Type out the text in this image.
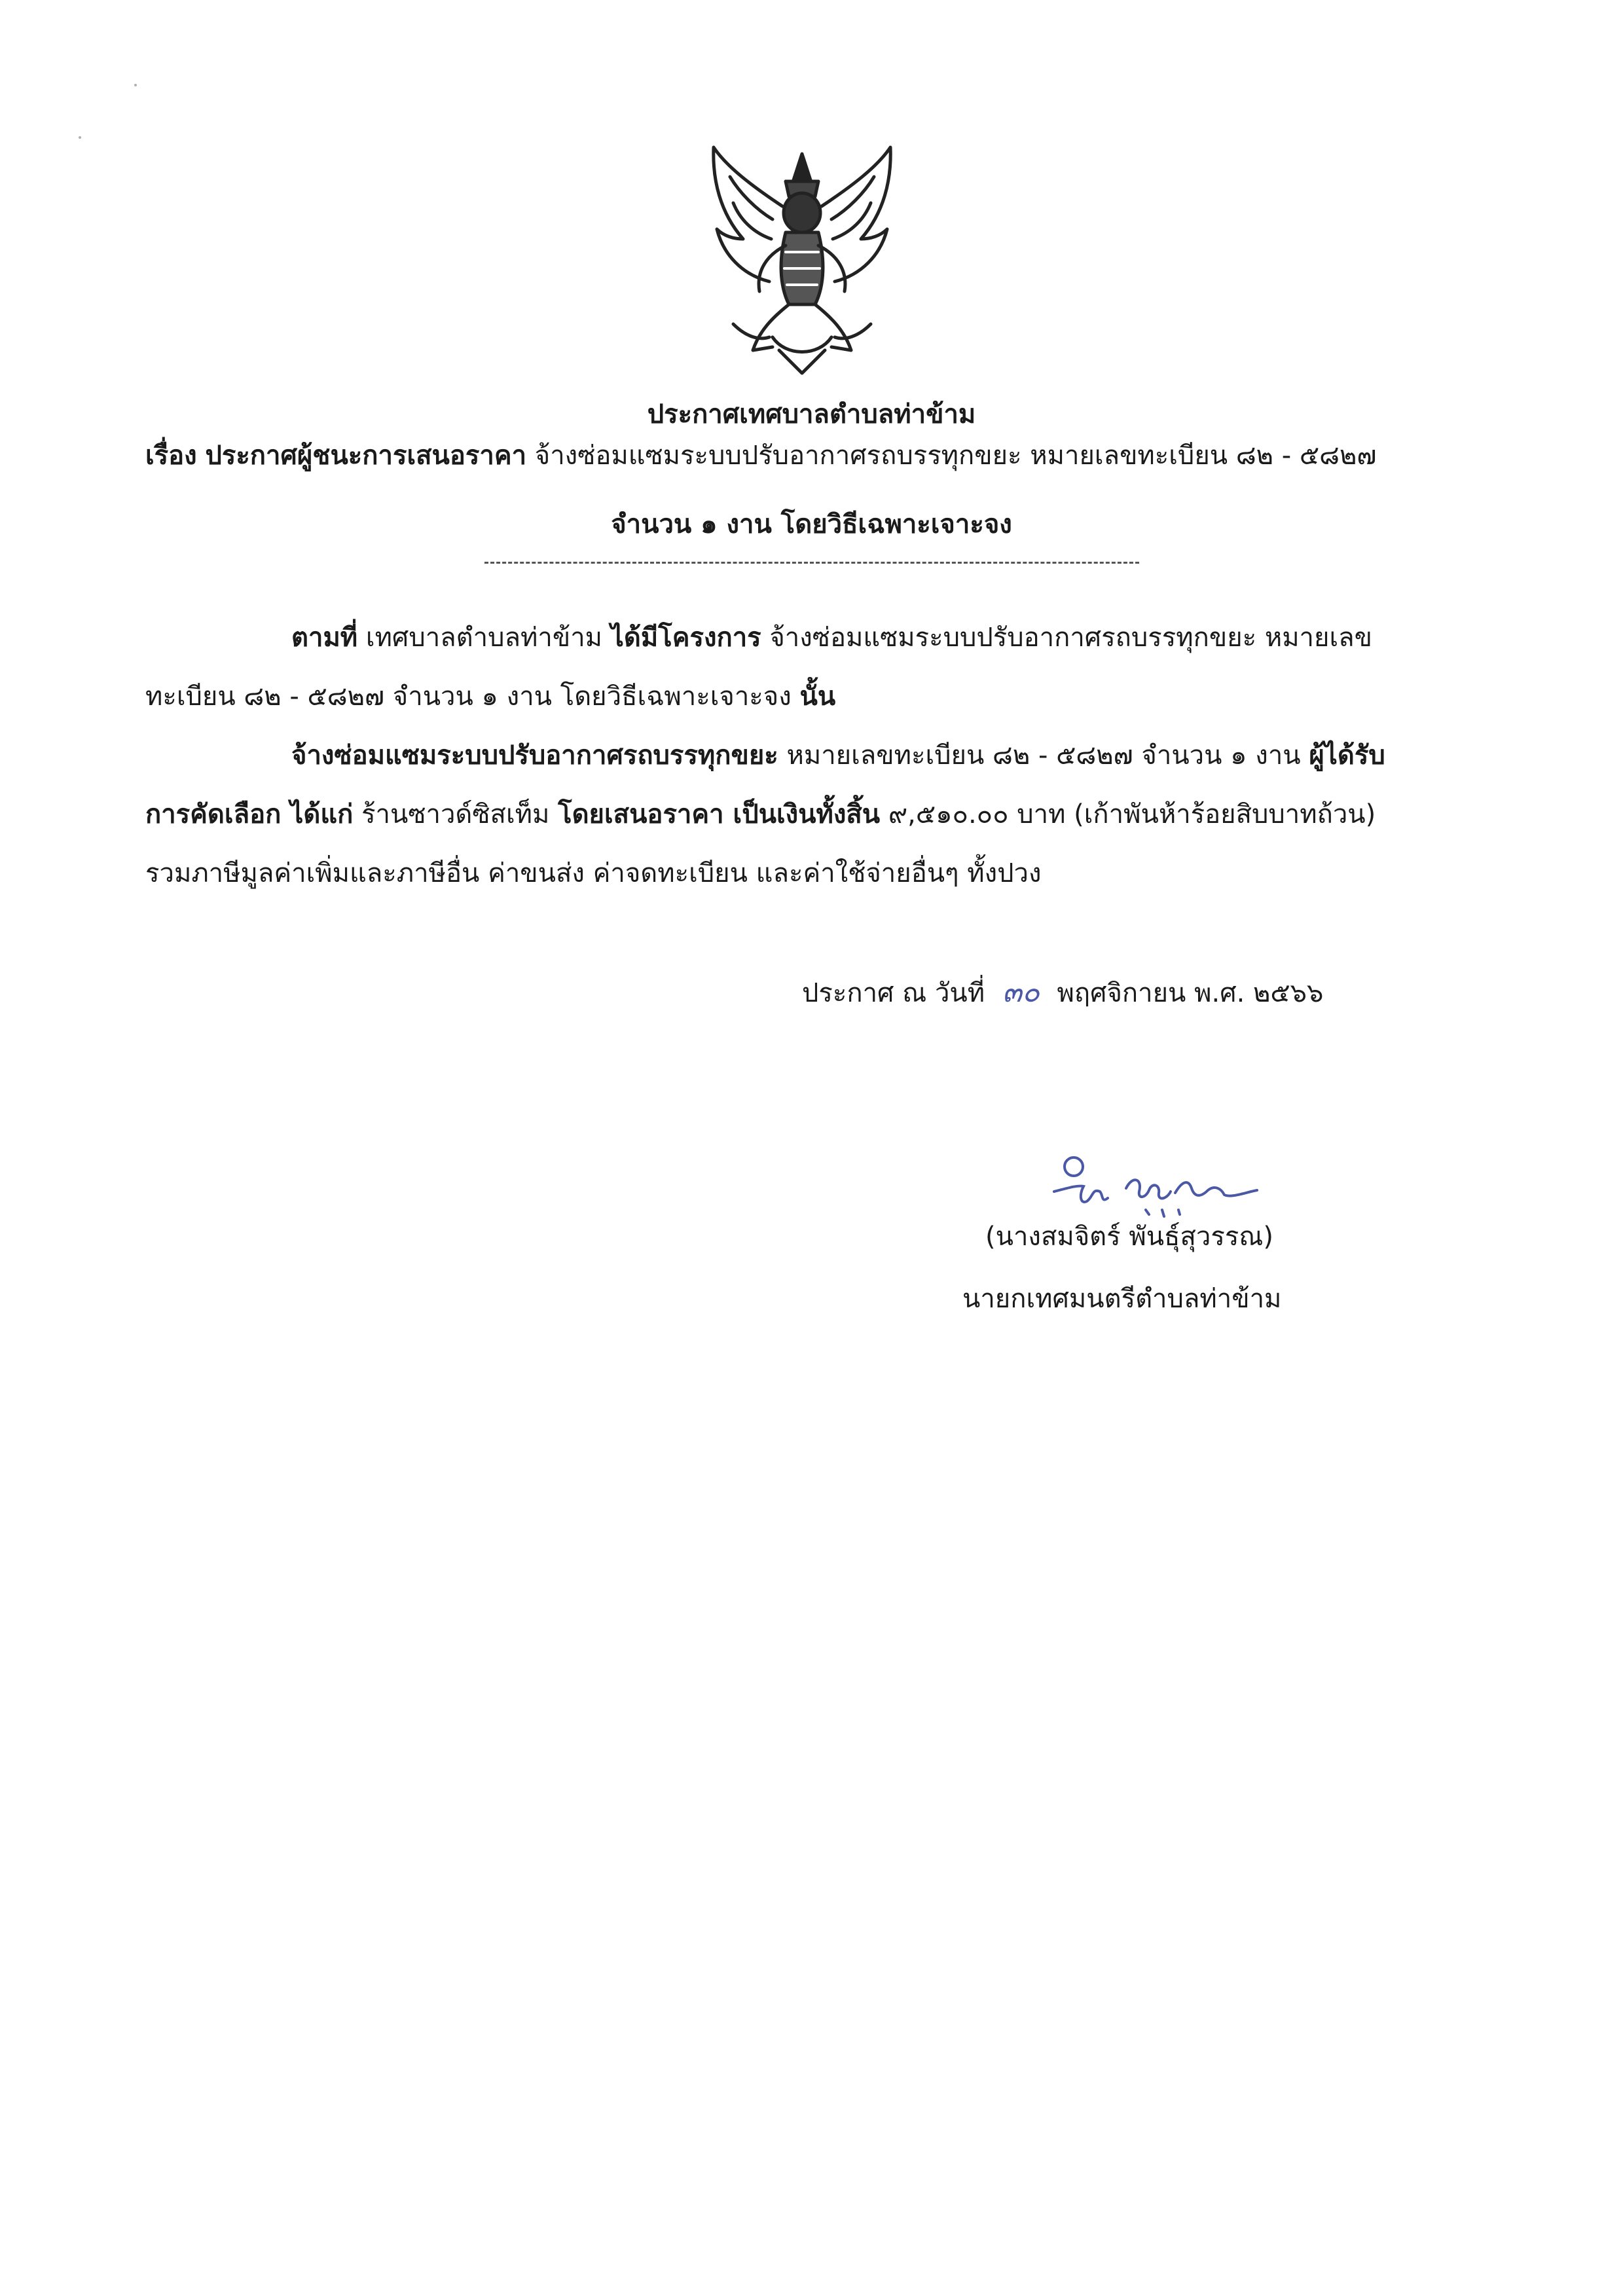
ประกาศเทศบาลตำบลท่าข้าม
เรื่อง ประกาศผู้ชนะการเสนอราคา จ้างซ่อมแซมระบบปรับอากาศรถบรรทุกขยะ หมายเลขทะเบียน ๘๒ - ๕๘๒๗
จำนวน ๑ งาน โดยวิธีเฉพาะเจาะจง
ตามที่ เทศบาลตำบลท่าข้าม ได้มีโครงการ จ้างซ่อมแซมระบบปรับอากาศรถบรรทุกขยะ หมายเลข
ทะเบียน ๘๒ - ๕๘๒๗ จำนวน ๑ งาน โดยวิธีเฉพาะเจาะจง นั้น
จ้างซ่อมแซมระบบปรับอากาศรถบรรทุกขยะ หมายเลขทะเบียน ๘๒ - ๕๘๒๗ จำนวน ๑ งาน ผู้ได้รับ
การคัดเลือก ได้แก่ ร้านซาวด์ซิสเท็ม โดยเสนอราคา เป็นเงินทั้งสิ้น ๙,๕๑๐.๐๐ บาท (เก้าพันห้าร้อยสิบบาทถ้วน)
รวมภาษีมูลค่าเพิ่มและภาษีอื่น ค่าขนส่ง ค่าจดทะเบียน และค่าใช้จ่ายอื่นๆ ทั้งปวง
ประกาศ ณ วันที่ ๓๐ พฤศจิกายน พ.ศ. ๒๕๖๖
(นางสมจิตร์ พันธุ์สุวรรณ)
นายกเทศมนตรีตำบลท่าข้าม
